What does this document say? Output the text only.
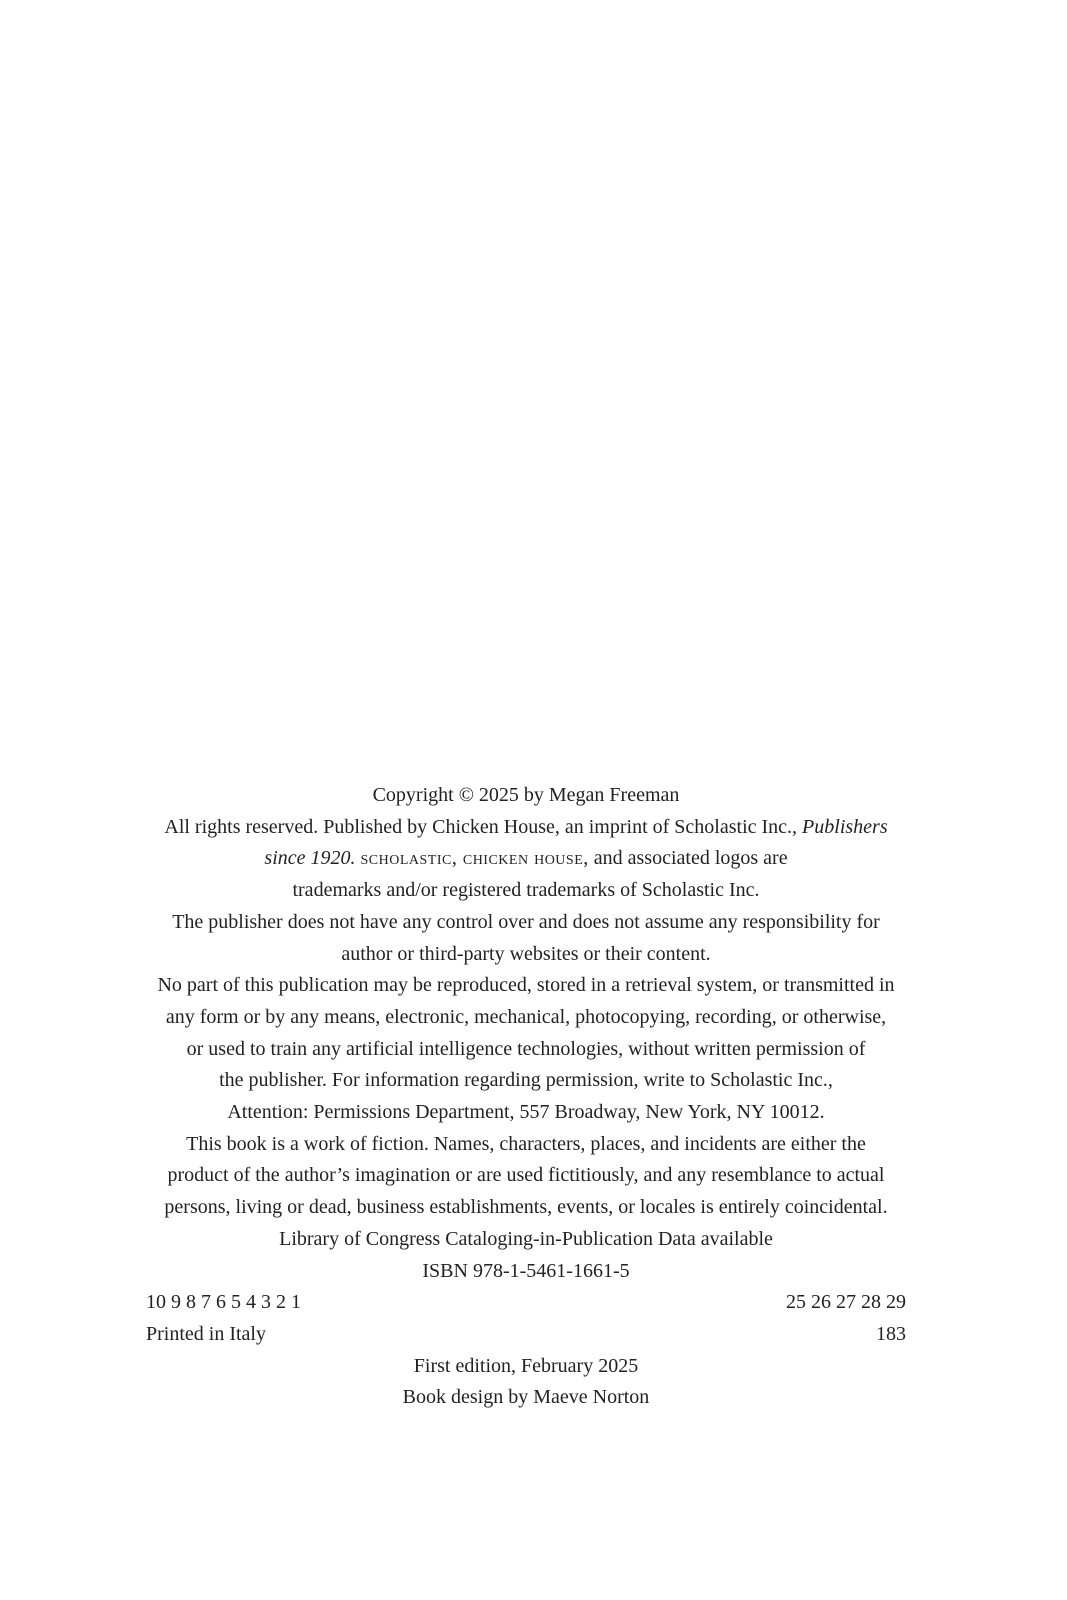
Copyright © 2025 by Megan Freeman
All rights reserved. Published by Chicken House, an imprint of Scholastic Inc., Publishers
since 1920. scholastic, chicken house, and associated logos are
trademarks and/or registered trademarks of Scholastic Inc.
The publisher does not have any control over and does not assume any responsibility for
author or third-party websites or their content.
No part of this publication may be reproduced, stored in a retrieval system, or transmitted in
any form or by any means, electronic, mechanical, photocopying, recording, or otherwise,
or used to train any artificial intelligence technologies, without written permission of
the publisher. For information regarding permission, write to Scholastic Inc.,
Attention: Permissions Department, 557 Broadway, New York, NY 10012.
This book is a work of fiction. Names, characters, places, and incidents are either the
product of the author’s imagination or are used fictitiously, and any resemblance to actual
persons, living or dead, business establishments, events, or locales is entirely coincidental.
Library of Congress Cataloging-in-Publication Data available
ISBN 978-1-5461-1661-5
10 9 8 7 6 5 4 3 2 1	25 26 27 28 29
Printed in Italy	183
First edition, February 2025
Book design by Maeve Norton
